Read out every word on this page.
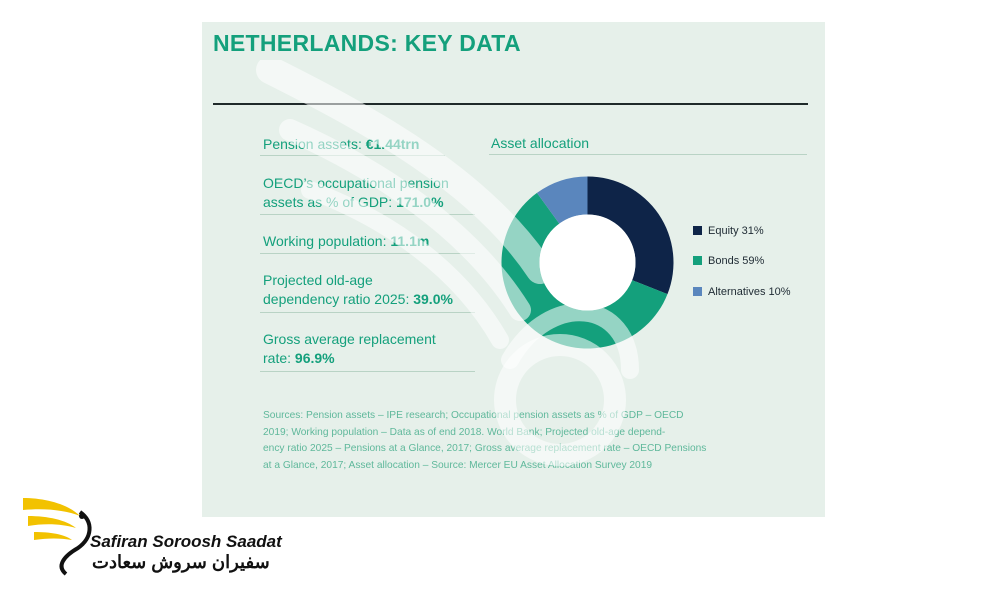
NETHERLANDS: KEY DATA
Pension assets: €1.44trn
OECD’s occupational pension
assets as % of GDP: 171.0%
Working population: 11.1m
Projected old-age
dependency ratio 2025: 39.0%
Gross average replacement
rate: 96.9%
Asset allocation
Equity 31%
Bonds 59%
Alternatives 10%
Sources: Pension assets – IPE research; Occupational pension assets as % of GDP – OECD
2019; Working population – Data as of end 2018. World Bank; Projected old-age depend-
ency ratio 2025 – Pensions at a Glance, 2017; Gross average replacement rate – OECD Pensions
at a Glance, 2017; Asset allocation – Source: Mercer EU Asset Allocation Survey 2019
Safiran Soroosh Saadat
سفیران سروش سعادت
